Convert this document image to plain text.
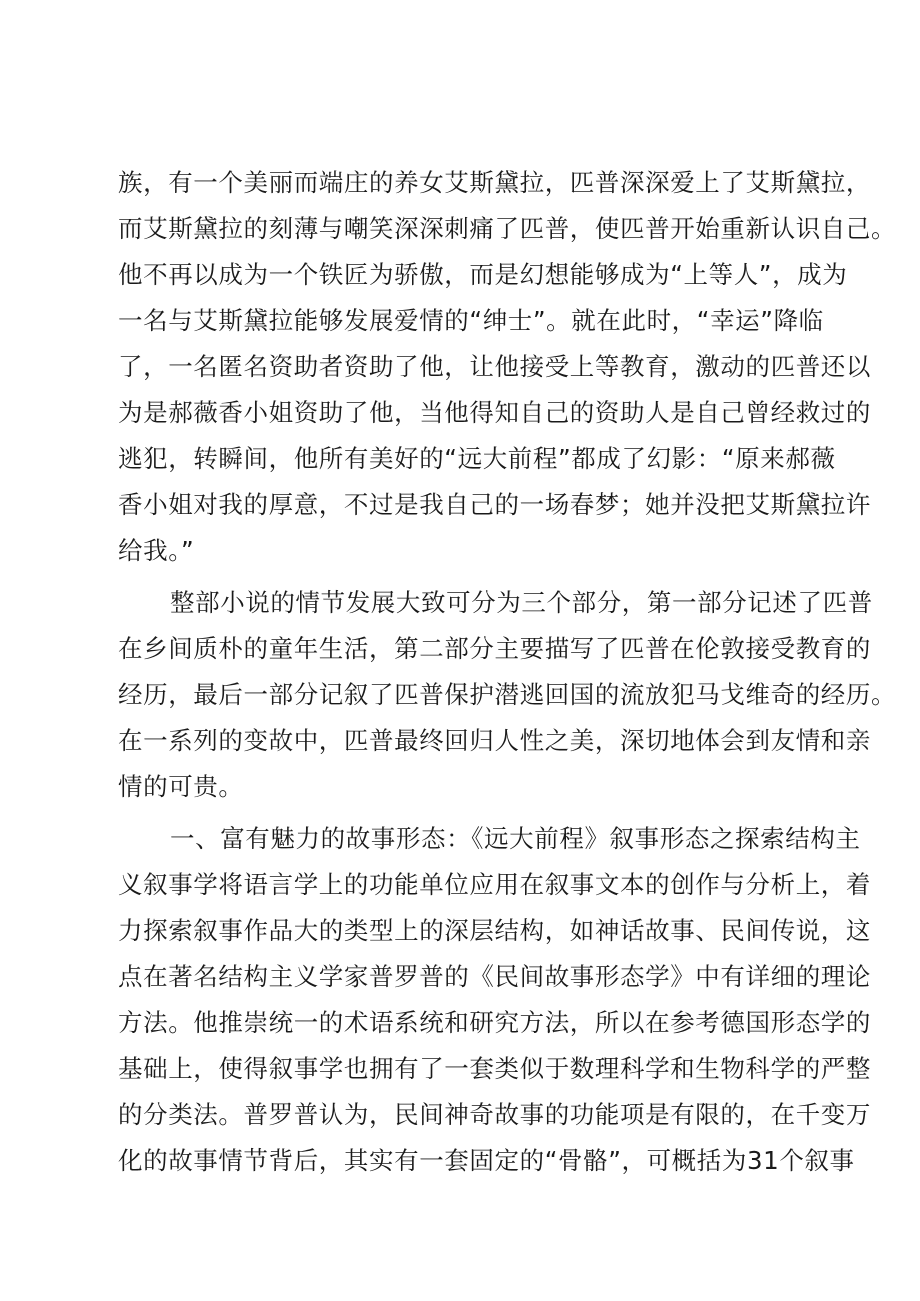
族，有一个美丽而端庄的养女艾斯黛拉，匹普深深爱上了艾斯黛拉，
而艾斯黛拉的刻薄与嘲笑深深刺痛了匹普，使匹普开始重新认识自己。
他不再以成为一个铁匠为骄傲，而是幻想能够成为“上等人”，成为
一名与艾斯黛拉能够发展爱情的“绅士”。就在此时，“幸运”降临
了，一名匿名资助者资助了他，让他接受上等教育，激动的匹普还以
为是郝薇香小姐资助了他，当他得知自己的资助人是自己曾经救过的
逃犯，转瞬间，他所有美好的“远大前程”都成了幻影：“原来郝薇
香小姐对我的厚意，不过是我自己的一场春梦；她并没把艾斯黛拉许
给我。”
整部小说的情节发展大致可分为三个部分，第一部分记述了匹普
在乡间质朴的童年生活，第二部分主要描写了匹普在伦敦接受教育的
经历，最后一部分记叙了匹普保护潜逃回国的流放犯马戈维奇的经历。
在一系列的变故中，匹普最终回归人性之美，深切地体会到友情和亲
情的可贵。
一、富有魅力的故事形态：《远大前程》叙事形态之探索结构主
义叙事学将语言学上的功能单位应用在叙事文本的创作与分析上，着
力探索叙事作品大的类型上的深层结构，如神话故事、民间传说，这
点在著名结构主义学家普罗普的《民间故事形态学》中有详细的理论
方法。他推崇统一的术语系统和研究方法，所以在参考德国形态学的
基础上，使得叙事学也拥有了一套类似于数理科学和生物科学的严整
的分类法。普罗普认为，民间神奇故事的功能项是有限的，在千变万
化的故事情节背后，其实有一套固定的“骨骼”，可概括为31个叙事
